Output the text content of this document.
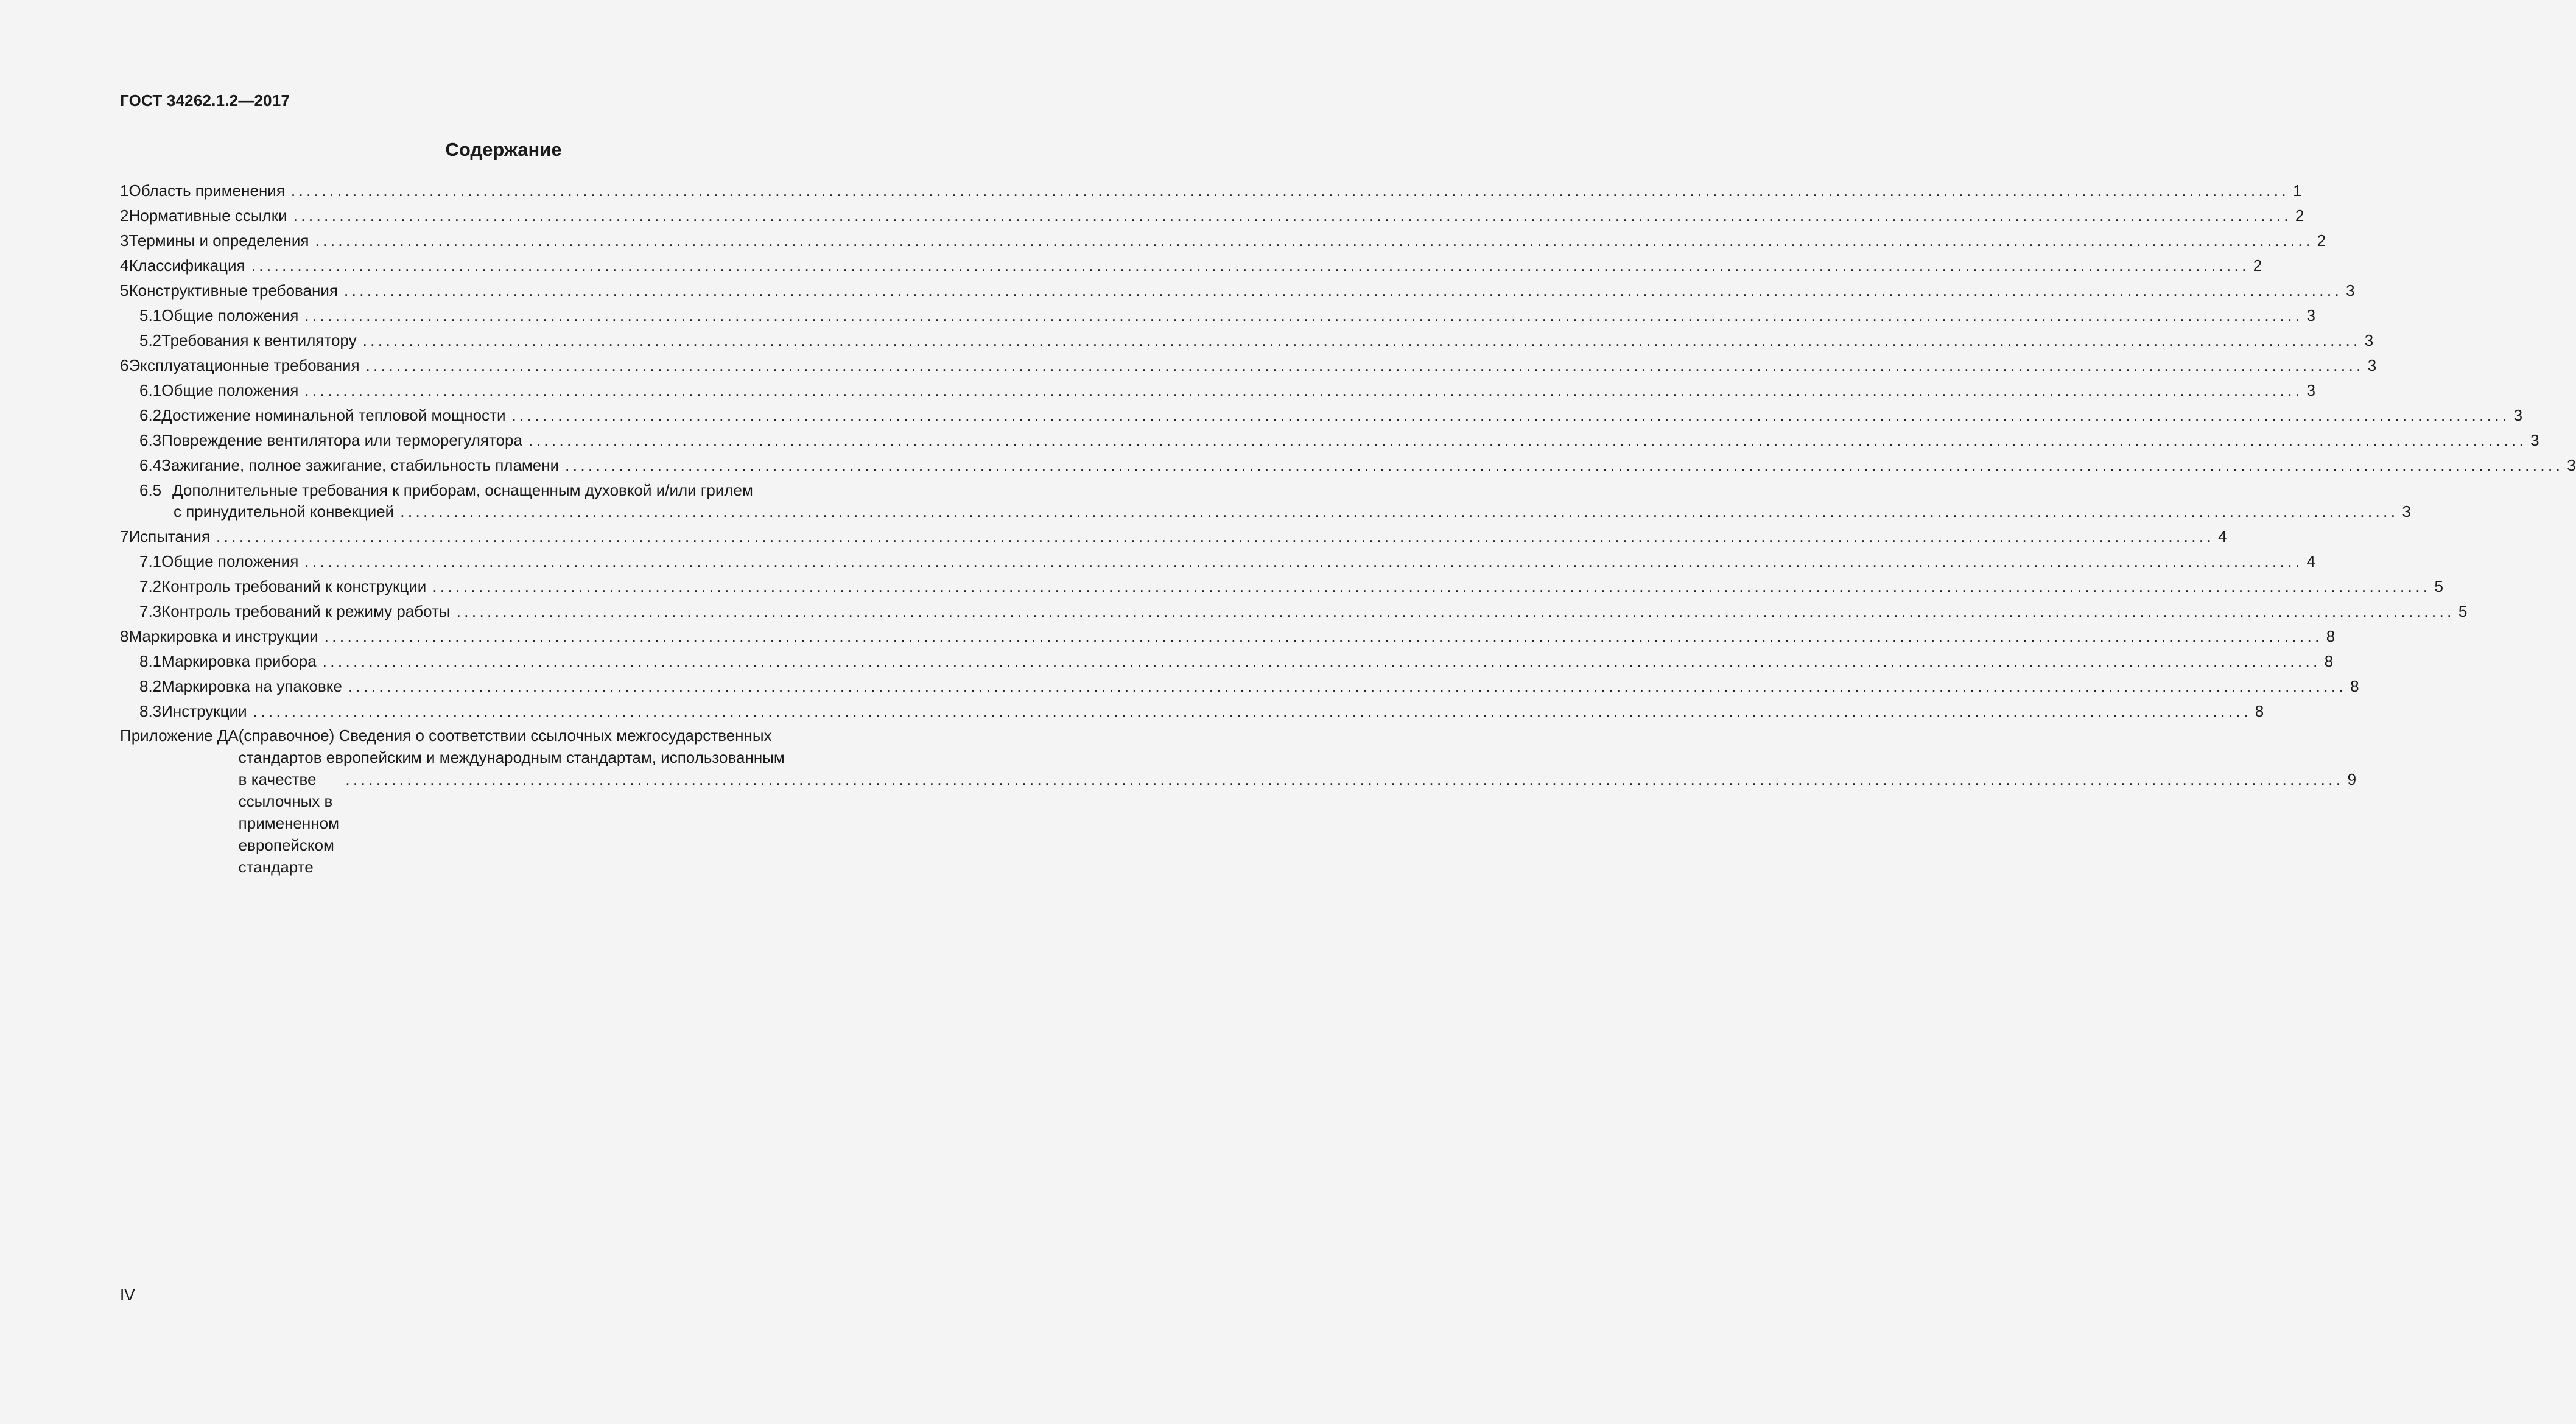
ГОСТ 34262.1.2—2017
Содержание
1 Область применения .................................................................................................................................................................................................................................................................... 1
2 Нормативные ссылки .................................................................................................................................................................................................................................................................... 2
3 Термины и определения .................................................................................................................................................................................................................................................................... 2
4 Классификация .................................................................................................................................................................................................................................................................... 2
5 Конструктивные требования .................................................................................................................................................................................................................................................................... 3
5.1 Общие положения .................................................................................................................................................................................................................................................................... 3
5.2 Требования к вентилятору .................................................................................................................................................................................................................................................................... 3
6 Эксплуатационные требования .................................................................................................................................................................................................................................................................... 3
6.1 Общие положения .................................................................................................................................................................................................................................................................... 3
6.2 Достижение номинальной тепловой мощности .................................................................................................................................................................................................................................................................... 3
6.3 Повреждение вентилятора или терморегулятора .................................................................................................................................................................................................................................................................... 3
6.4 Зажигание, полное зажигание, стабильность пламени .................................................................................................................................................................................................................................................................... 3
6.5 Дополнительные требования к приборам, оснащенным духовкой и/или грилем
с принудительной конвекцией .................................................................................................................................................................................................................................................................... 3
7 Испытания .................................................................................................................................................................................................................................................................... 4
7.1 Общие положения .................................................................................................................................................................................................................................................................... 4
7.2 Контроль требований к конструкции .................................................................................................................................................................................................................................................................... 5
7.3 Контроль требований к режиму работы .................................................................................................................................................................................................................................................................... 5
8 Маркировка и инструкции .................................................................................................................................................................................................................................................................... 8
8.1 Маркировка прибора .................................................................................................................................................................................................................................................................... 8
8.2 Маркировка на упаковке .................................................................................................................................................................................................................................................................... 8
8.3 Инструкции .................................................................................................................................................................................................................................................................... 8
Приложение ДА (справочное) Сведения о соответствии ссылочных межгосударственных
стандартов европейским и международным стандартам, использованным
в качестве ссылочных в примененном европейском стандарте
.................................................................................................................................................................................................................................................................... 9

IV
